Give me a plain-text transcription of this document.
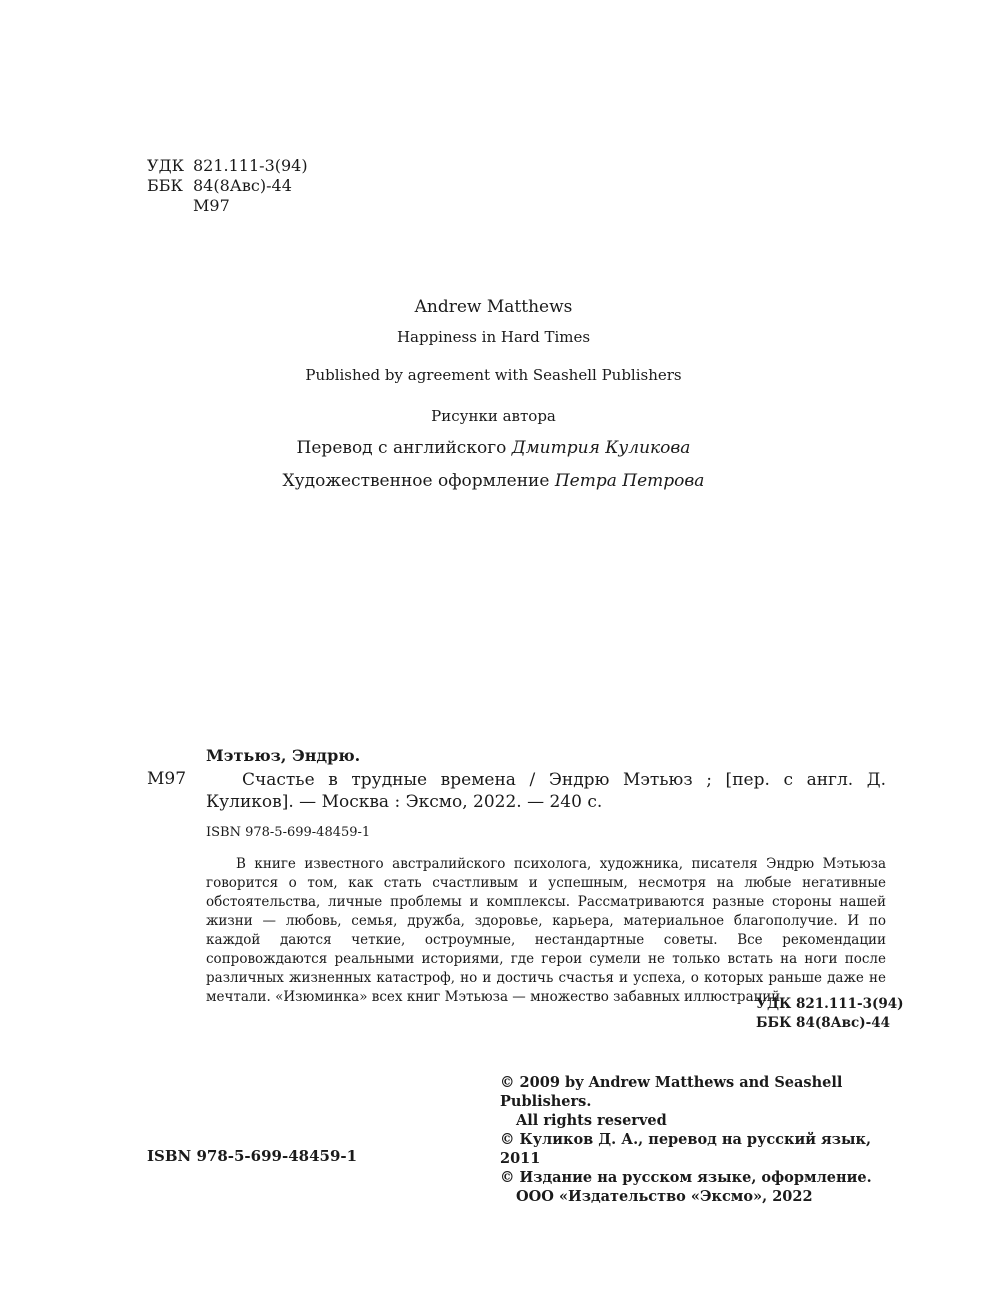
УДК 821.111-3(94)
ББК 84(8Авс)-44
М97
Andrew Matthews
Happiness in Hard Times
Published by agreement with Seashell Publishers
Рисунки автора
Перевод с английского Дмитрия Куликова
Художественное оформление Петра Петрова
Мэтьюз, Эндрю.
М97	Счастье в трудные времена / Эндрю Мэтьюз ; [пер. с англ. Д. Куликов]. — Москва : Эксмо, 2022. — 240 с.
ISBN 978-5-699-48459-1
В книге известного австралийского психолога, художника, писателя Эндрю Мэтьюза говорится о том, как стать счастливым и успешным, несмотря на любые негативные обстоятельства, личные проблемы и комплексы. Рассматриваются разные стороны нашей жизни — любовь, семья, дружба, здоровье, карьера, материальное благополучие. И по каждой даются четкие, остроумные, нестандартные советы. Все рекомендации сопровождаются реальными историями, где герои сумели не только встать на ноги после различных жизненных катастроф, но и достичь счастья и успеха, о которых раньше даже не мечтали. «Изюминка» всех книг Мэтьюза — множество забавных иллюстраций.
УДК 821.111-3(94)
ББК 84(8Авс)-44
© 2009 by Andrew Matthews and Seashell Publishers.
All rights reserved
© Куликов Д. А., перевод на русский язык, 2011
© Издание на русском языке, оформление.
ООО «Издательство «Эксмо», 2022
ISBN 978-5-699-48459-1
